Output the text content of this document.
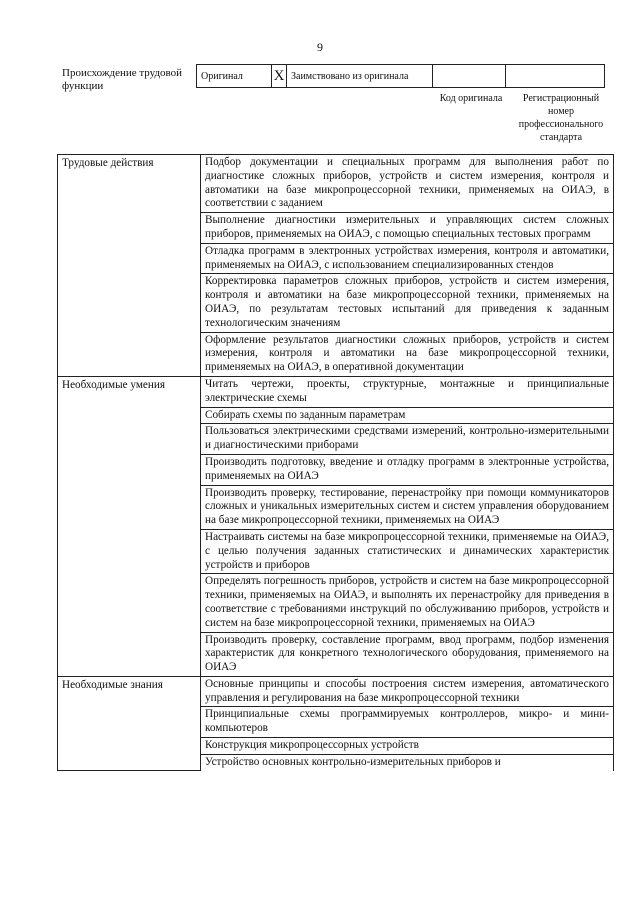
9
Происхождение трудовой функции
Оригинал	X	Заимствовано из оригинала		
Код оригинала	Регистрационный номер профессионального стандарта
Трудовые действия	Подбор документации и специальных программ для выполнения работ по диагностике сложных приборов, устройств и систем измерения, контроля и автоматики на базе микропроцессорной техники, применяемых на ОИАЭ, в соответствии с заданием
	Выполнение диагностики измерительных и управляющих систем сложных приборов, применяемых на ОИАЭ, с помощью специальных тестовых программ
	Отладка программ в электронных устройствах измерения, контроля и автоматики, применяемых на ОИАЭ, с использованием специализированных стендов
	Корректировка параметров сложных приборов, устройств и систем измерения, контроля и автоматики на базе микропроцессорной техники, применяемых на ОИАЭ, по результатам тестовых испытаний для приведения к заданным технологическим значениям
	Оформление результатов диагностики сложных приборов, устройств и систем измерения, контроля и автоматики на базе микропроцессорной техники, применяемых на ОИАЭ, в оперативной документации
Необходимые умения	Читать чертежи, проекты, структурные, монтажные и принципиальные электрические схемы
	Собирать схемы по заданным параметрам
	Пользоваться электрическими средствами измерений, контрольно-измерительными и диагностическими приборами
	Производить подготовку, введение и отладку программ в электронные устройства, применяемых на ОИАЭ
	Производить проверку, тестирование, перенастройку при помощи коммуникаторов сложных и уникальных измерительных систем и систем управления оборудованием на базе микропроцессорной техники, применяемых на ОИАЭ
	Настраивать системы на базе микропроцессорной техники, применяемые на ОИАЭ, с целью получения заданных статистических и динамических характеристик устройств и приборов
	Определять погрешность приборов, устройств и систем на базе микропроцессорной техники, применяемых на ОИАЭ, и выполнять их перенастройку для приведения в соответствие с требованиями инструкций по обслуживанию приборов, устройств и систем на базе микропроцессорной техники, применяемых на ОИАЭ
	Производить проверку, составление программ, ввод программ, подбор изменения характеристик для конкретного технологического оборудования, применяемого на ОИАЭ
Необходимые знания	Основные принципы и способы построения систем измерения, автоматического управления и регулирования на базе микропроцессорной техники
	Принципиальные схемы программируемых контроллеров, микро- и мини-компьютеров
	Конструкция микропроцессорных устройств
	Устройство основных контрольно-измерительных приборов и
